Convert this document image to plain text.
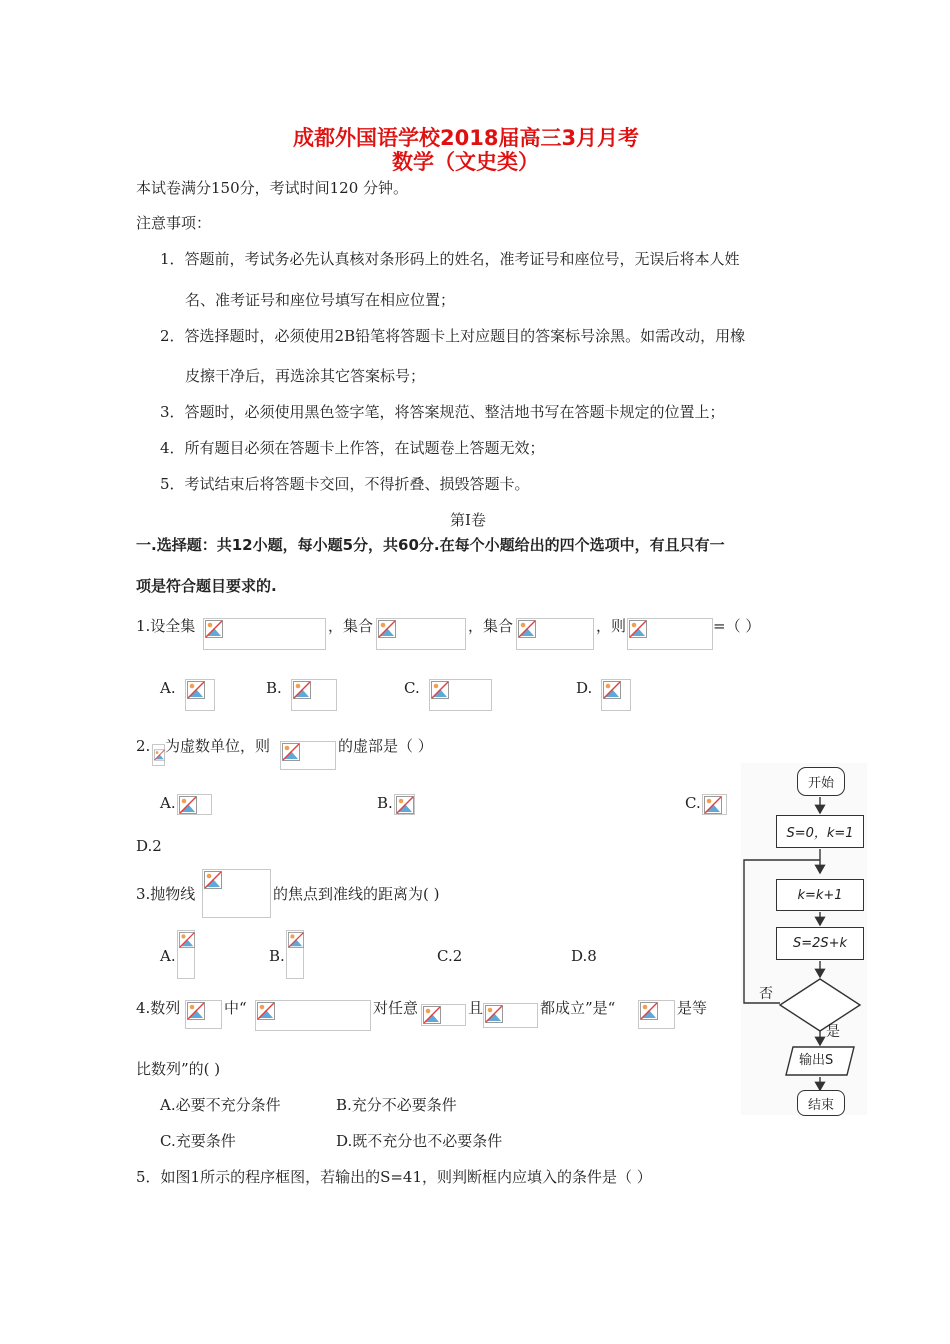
成都外国语学校2018届高三3月月考
数学（文史类）
本试卷满分150分，考试时间120 分钟。
注意事项：
1．答题前，考试务必先认真核对条形码上的姓名，准考证号和座位号，无误后将本人姓
名、准考证号和座位号填写在相应位置；
2．答选择题时，必须使用2B铅笔将答题卡上对应题目的答案标号涂黑。如需改动，用橡
皮擦干净后，再选涂其它答案标号；
3．答题时，必须使用黑色签字笔，将答案规范、整洁地书写在答题卡规定的位置上；
4．所有题目必须在答题卡上作答，在试题卷上答题无效；
5．考试结束后将答题卡交回，不得折叠、损毁答题卡。
第Ⅰ卷
一.选择题：共12小题，每小题5分，共60分.在每个小题给出的四个选项中，有且只有一
项是符合题目要求的.
1.设全集	，集合	，集合	，则	=（ ）
A.	B.	C.	D.
2. 为虚数单位，则	的虚部是（ ）
A.	B.	C.
D.2
3.抛物线	的焦点到准线的距离为( )
A.	B.	C.2	D.8
4.数列	中“	对任意	且	都成立”是“	是等
比数列”的( )
A.必要不充分条件	B.充分不必要条件
C.充要条件	D.既不充分也不必要条件
5．如图1所示的程序框图，若输出的S=41，则判断框内应填入的条件是（ ）
开始
S=0，k=1
k=k+1
S=2S+k
否
是
输出S
结束
